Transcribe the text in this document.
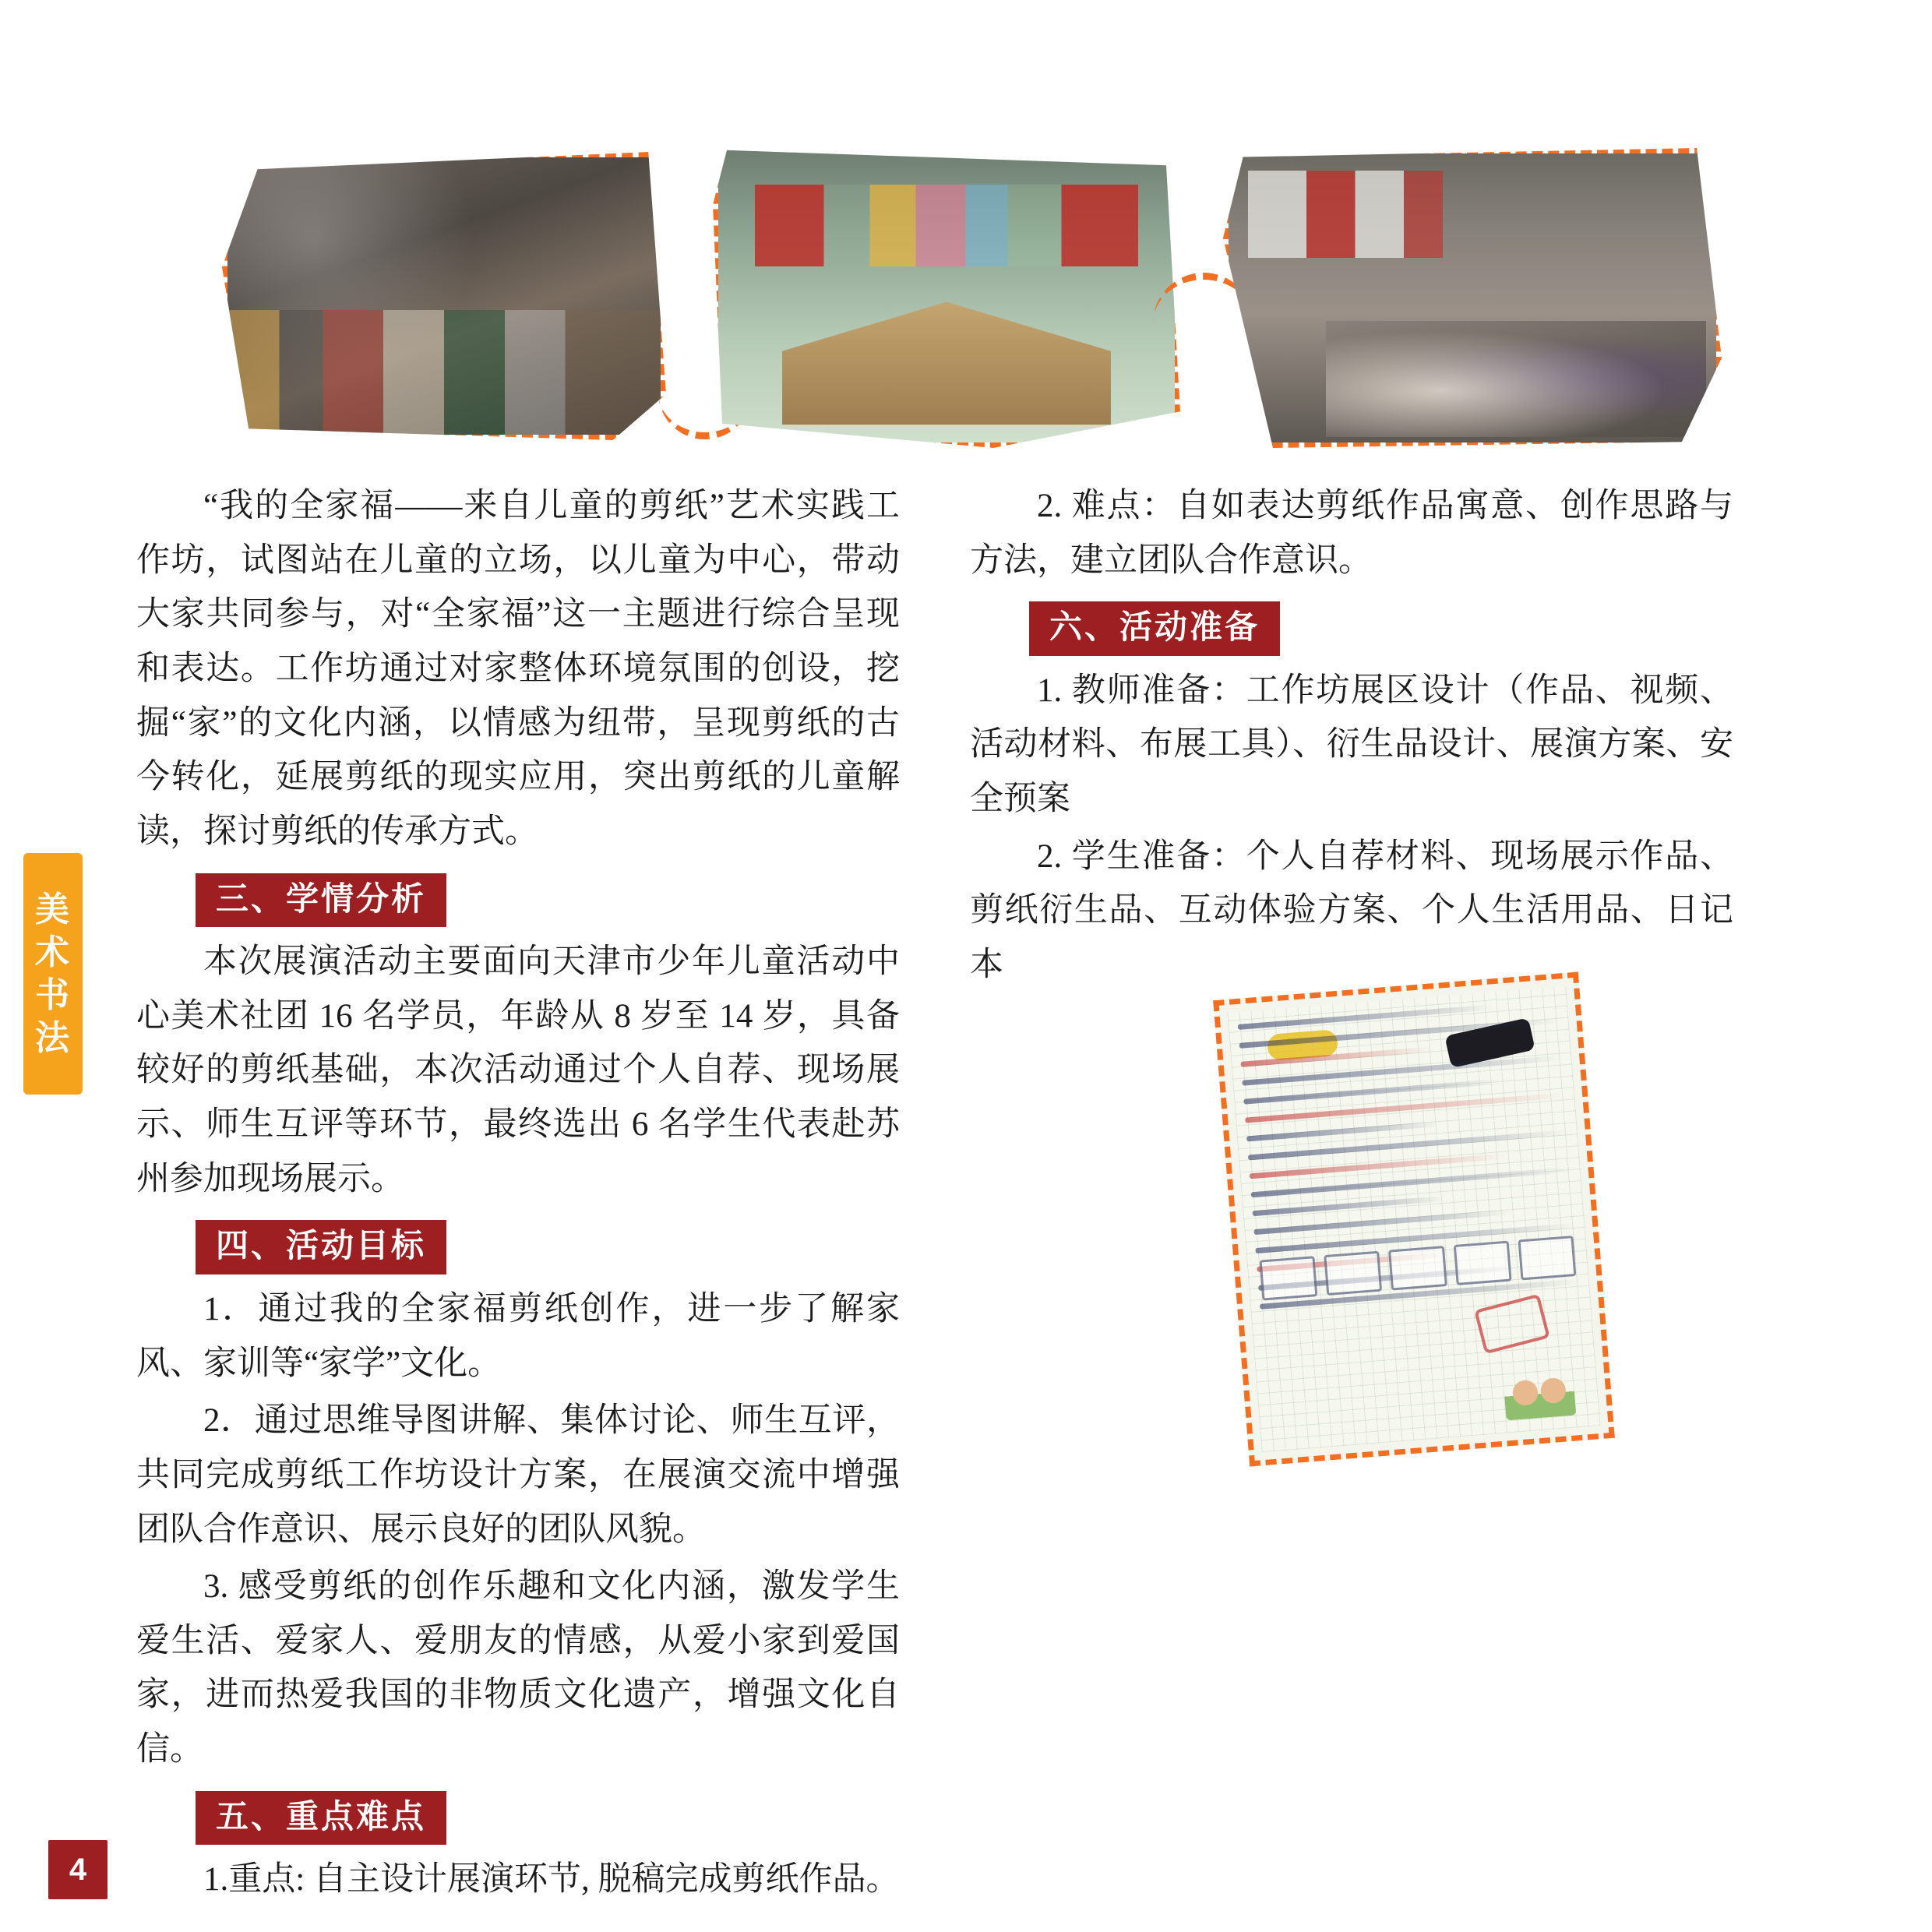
美
术
书
法
4

“我的全家福——来自儿童的剪纸”艺术实践工作坊，试图站在儿童的立场，以儿童为中心，带动大家共同参与，对“全家福”这一主题进行综合呈现和表达。工作坊通过对家整体环境氛围的创设，挖掘“家”的文化内涵，以情感为纽带，呈现剪纸的古今转化，延展剪纸的现实应用，突出剪纸的儿童解读，探讨剪纸的传承方式。

三、学情分析

本次展演活动主要面向天津市少年儿童活动中心美术社团 16 名学员，年龄从 8 岁至 14 岁，具备较好的剪纸基础，本次活动通过个人自荐、现场展示、师生互评等环节，最终选出 6 名学生代表赴苏州参加现场展示。

四、活动目标

1．通过我的全家福剪纸创作，进一步了解家风、家训等“家学”文化。

2．通过思维导图讲解、集体讨论、师生互评，共同完成剪纸工作坊设计方案，在展演交流中增强团队合作意识、展示良好的团队风貌。

3. 感受剪纸的创作乐趣和文化内涵，激发学生爱生活、爱家人、爱朋友的情感，从爱小家到爱国家，进而热爱我国的非物质文化遗产，增强文化自信。

五、重点难点

1.重点: 自主设计展演环节, 脱稿完成剪纸作品。

2. 难点：自如表达剪纸作品寓意、创作思路与方法，建立团队合作意识。

六、活动准备

1. 教师准备：工作坊展区设计（作品、视频、活动材料、布展工具）、衍生品设计、展演方案、安全预案

2. 学生准备：个人自荐材料、现场展示作品、剪纸衍生品、互动体验方案、个人生活用品、日记本
